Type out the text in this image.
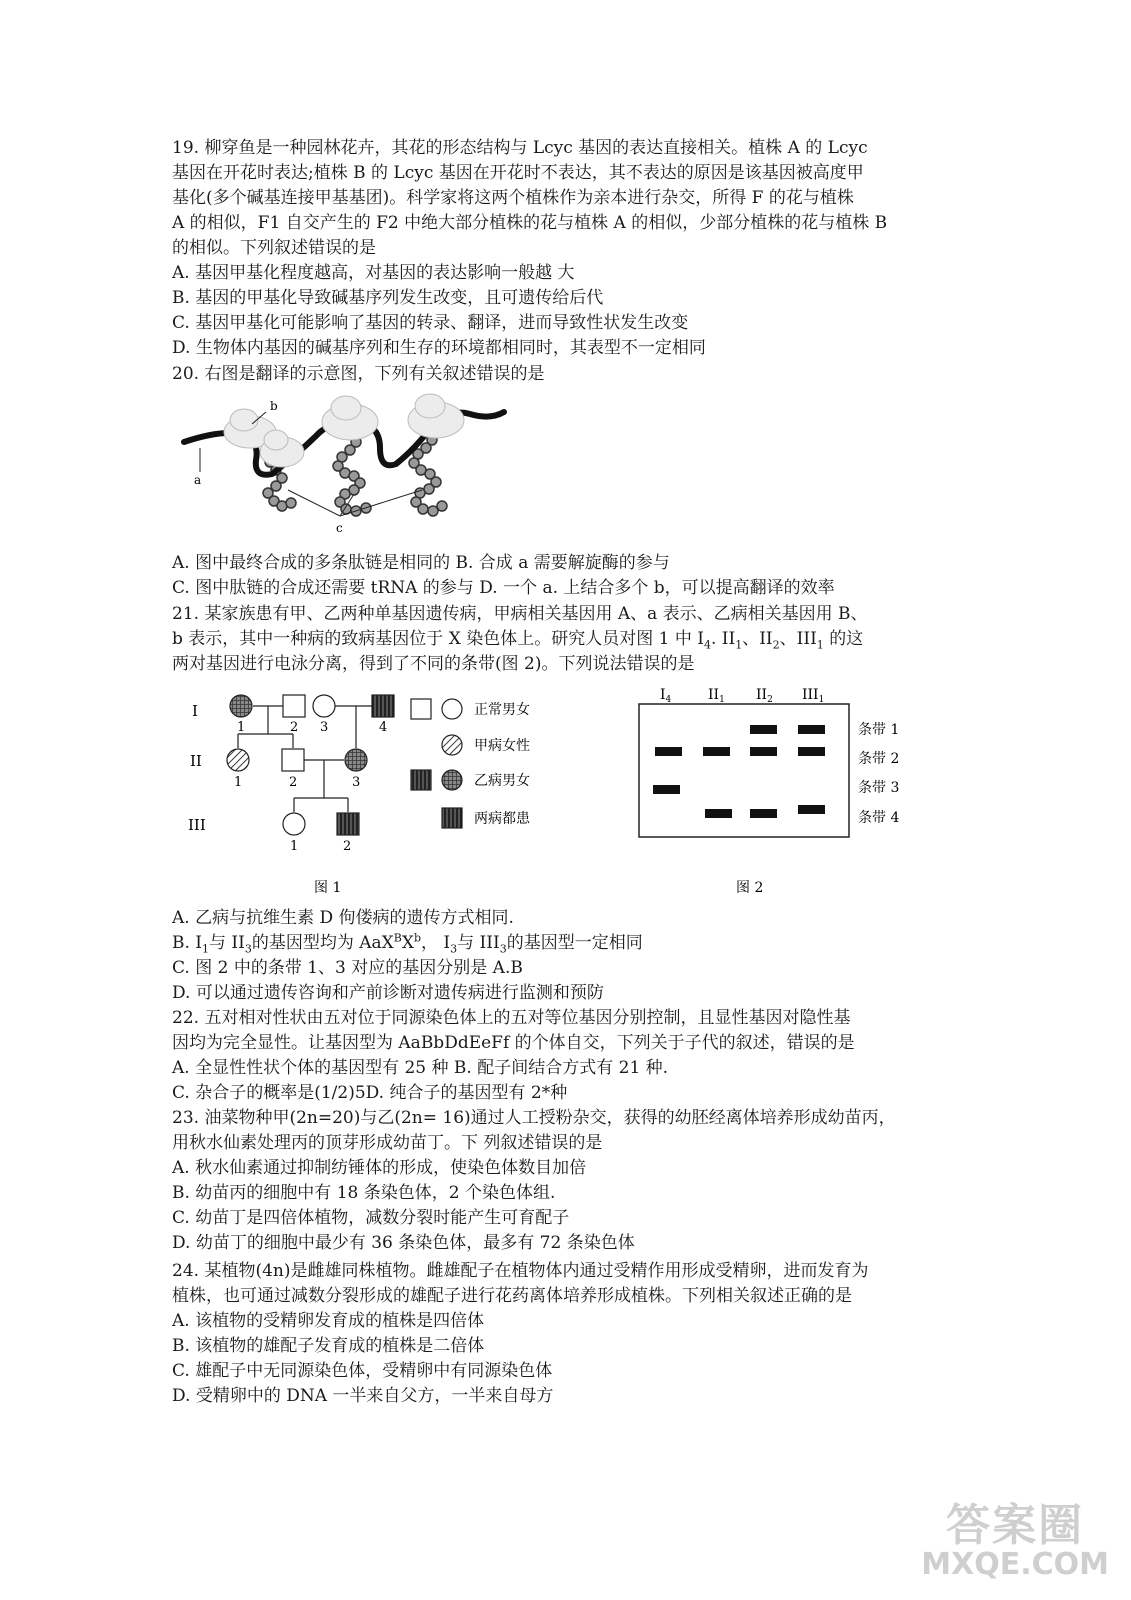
19. 柳穿鱼是一种园林花卉，其花的形态结构与 Lcyc 基因的表达直接相关。植株 A 的 Lcyc
基因在开花时表达;植株 B 的 Lcyc 基因在开花时不表达，其不表达的原因是该基因被高度甲
基化(多个碱基连接甲基基团)。科学家将这两个植株作为亲本进行杂交，所得 F 的花与植株
A 的相似，F1 自交产生的 F2 中绝大部分植株的花与植株 A 的相似，少部分植株的花与植株 B
的相似。下列叙述错误的是
A. 基因甲基化程度越高，对基因的表达影响一般越 大
B. 基因的甲基化导致碱基序列发生改变，且可遗传给后代
C. 基因甲基化可能影响了基因的转录、翻译，进而导致性状发生改变
D. 生物体内基因的碱基序列和生存的环境都相同时，其表型不一定相同
20. 右图是翻译的示意图，下列有关叙述错误的是
a
b
c
A. 图中最终合成的多条肽链是相同的 B. 合成 a 需要解旋酶的参与
C. 图中肽链的合成还需要 tRNA 的参与 D. 一个 a. 上结合多个 b，可以提高翻译的效率
21. 某家族患有甲、乙两种单基因遗传病，甲病相关基因用 A、a 表示、乙病相关基因用 B、
b 表示，其中一种病的致病基因位于 X 染色体上。研究人员对图 1 中 $I_4$. $II_1$、$II_2$、$III_1$ 的这
两对基因进行电泳分离，得到了不同的条带(图 2)。下列说法错误的是
I
II
III
1	2 3	4
1	2	3
1	2
正常男女
甲病女性
乙病男女
两病都患
图 1
$I_4$	$II_1$ $II_2$ $III_1$
条带 1
条带 2
条带 3
条带 4
图 2
A. 乙病与抗维生素 D 佝偻病的遗传方式相同.
B. $I_1$与 $II_3$的基因型均为 $AaX^BX^b$， $I_3$与 $III_3$的基因型一定相同
C. 图 2 中的条带 1、3 对应的基因分别是 A.B
D. 可以通过遗传咨询和产前诊断对遗传病进行监测和预防
22. 五对相对性状由五对位于同源染色体上的五对等位基因分别控制，且显性基因对隐性基
因均为完全显性。让基因型为 AaBbDdEeFf 的个体自交，下列关于子代的叙述，错误的是
A. 全显性性状个体的基因型有 25 种 B. 配子间结合方式有 21 种.
C. 杂合子的概率是(1/2)5D. 纯合子的基因型有 2*种
23. 油菜物种甲(2n=20)与乙(2n= 16)通过人工授粉杂交，获得的幼胚经离体培养形成幼苗丙，
用秋水仙素处理丙的顶芽形成幼苗丁。下 列叙述错误的是
A. 秋水仙素通过抑制纺锤体的形成，使染色体数目加倍
B. 幼苗丙的细胞中有 18 条染色体，2 个染色体组.
C. 幼苗丁是四倍体植物，减数分裂时能产生可育配子
D. 幼苗丁的细胞中最少有 36 条染色体，最多有 72 条染色体
24. 某植物(4n)是雌雄同株植物。雌雄配子在植物体内通过受精作用形成受精卵，进而发育为
植株，也可通过减数分裂形成的雄配子进行花药离体培养形成植株。下列相关叙述正确的是
A. 该植物的受精卵发育成的植株是四倍体
B. 该植物的雄配子发育成的植株是二倍体
C. 雄配子中无同源染色体，受精卵中有同源染色体
D. 受精卵中的 DNA 一半来自父方，一半来自母方
答案圈
MXQE.COM
